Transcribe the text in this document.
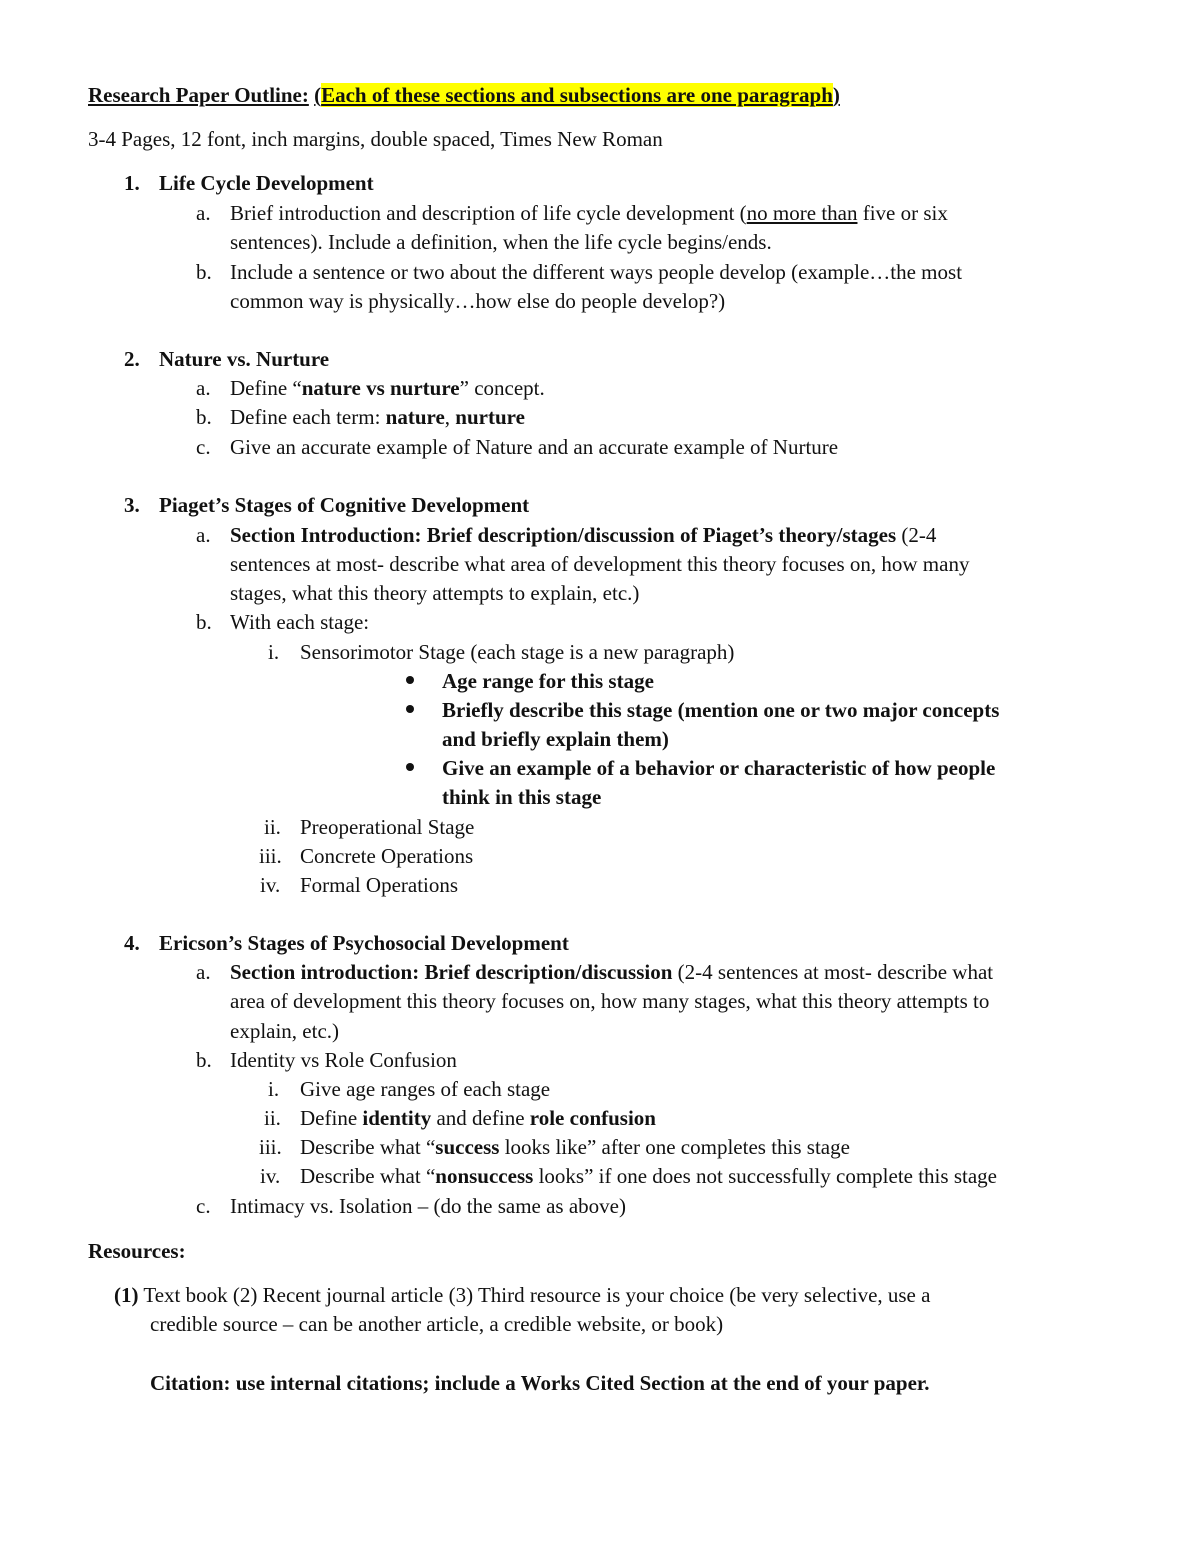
Research Paper Outline: (Each of these sections and subsections are one paragraph)
3-4 Pages, 12 font, inch margins, double spaced, Times New Roman
1. Life Cycle Development
a. Brief introduction and description of life cycle development (no more than five or six
sentences). Include a definition, when the life cycle begins/ends.
b. Include a sentence or two about the different ways people develop (example…the most
common way is physically…how else do people develop?)
2. Nature vs. Nurture
a. Define “nature vs nurture” concept.
b. Define each term: nature, nurture
c. Give an accurate example of Nature and an accurate example of Nurture
3. Piaget’s Stages of Cognitive Development
a. Section Introduction: Brief description/discussion of Piaget’s theory/stages (2-4
sentences at most- describe what area of development this theory focuses on, how many
stages, what this theory attempts to explain, etc.)
b. With each stage:
i. Sensorimotor Stage (each stage is a new paragraph)
Age range for this stage
Briefly describe this stage (mention one or two major concepts
and briefly explain them)
Give an example of a behavior or characteristic of how people
think in this stage
ii. Preoperational Stage
iii. Concrete Operations
iv. Formal Operations
4. Ericson’s Stages of Psychosocial Development
a. Section introduction: Brief description/discussion (2-4 sentences at most- describe what
area of development this theory focuses on, how many stages, what this theory attempts to
explain, etc.)
b. Identity vs Role Confusion
i. Give age ranges of each stage
ii. Define identity and define role confusion
iii. Describe what “success looks like” after one completes this stage
iv. Describe what “nonsuccess looks” if one does not successfully complete this stage
c. Intimacy vs. Isolation – (do the same as above)
Resources:
(1) Text book (2) Recent journal article (3) Third resource is your choice (be very selective, use a
credible source – can be another article, a credible website, or book)
Citation: use internal citations; include a Works Cited Section at the end of your paper.
